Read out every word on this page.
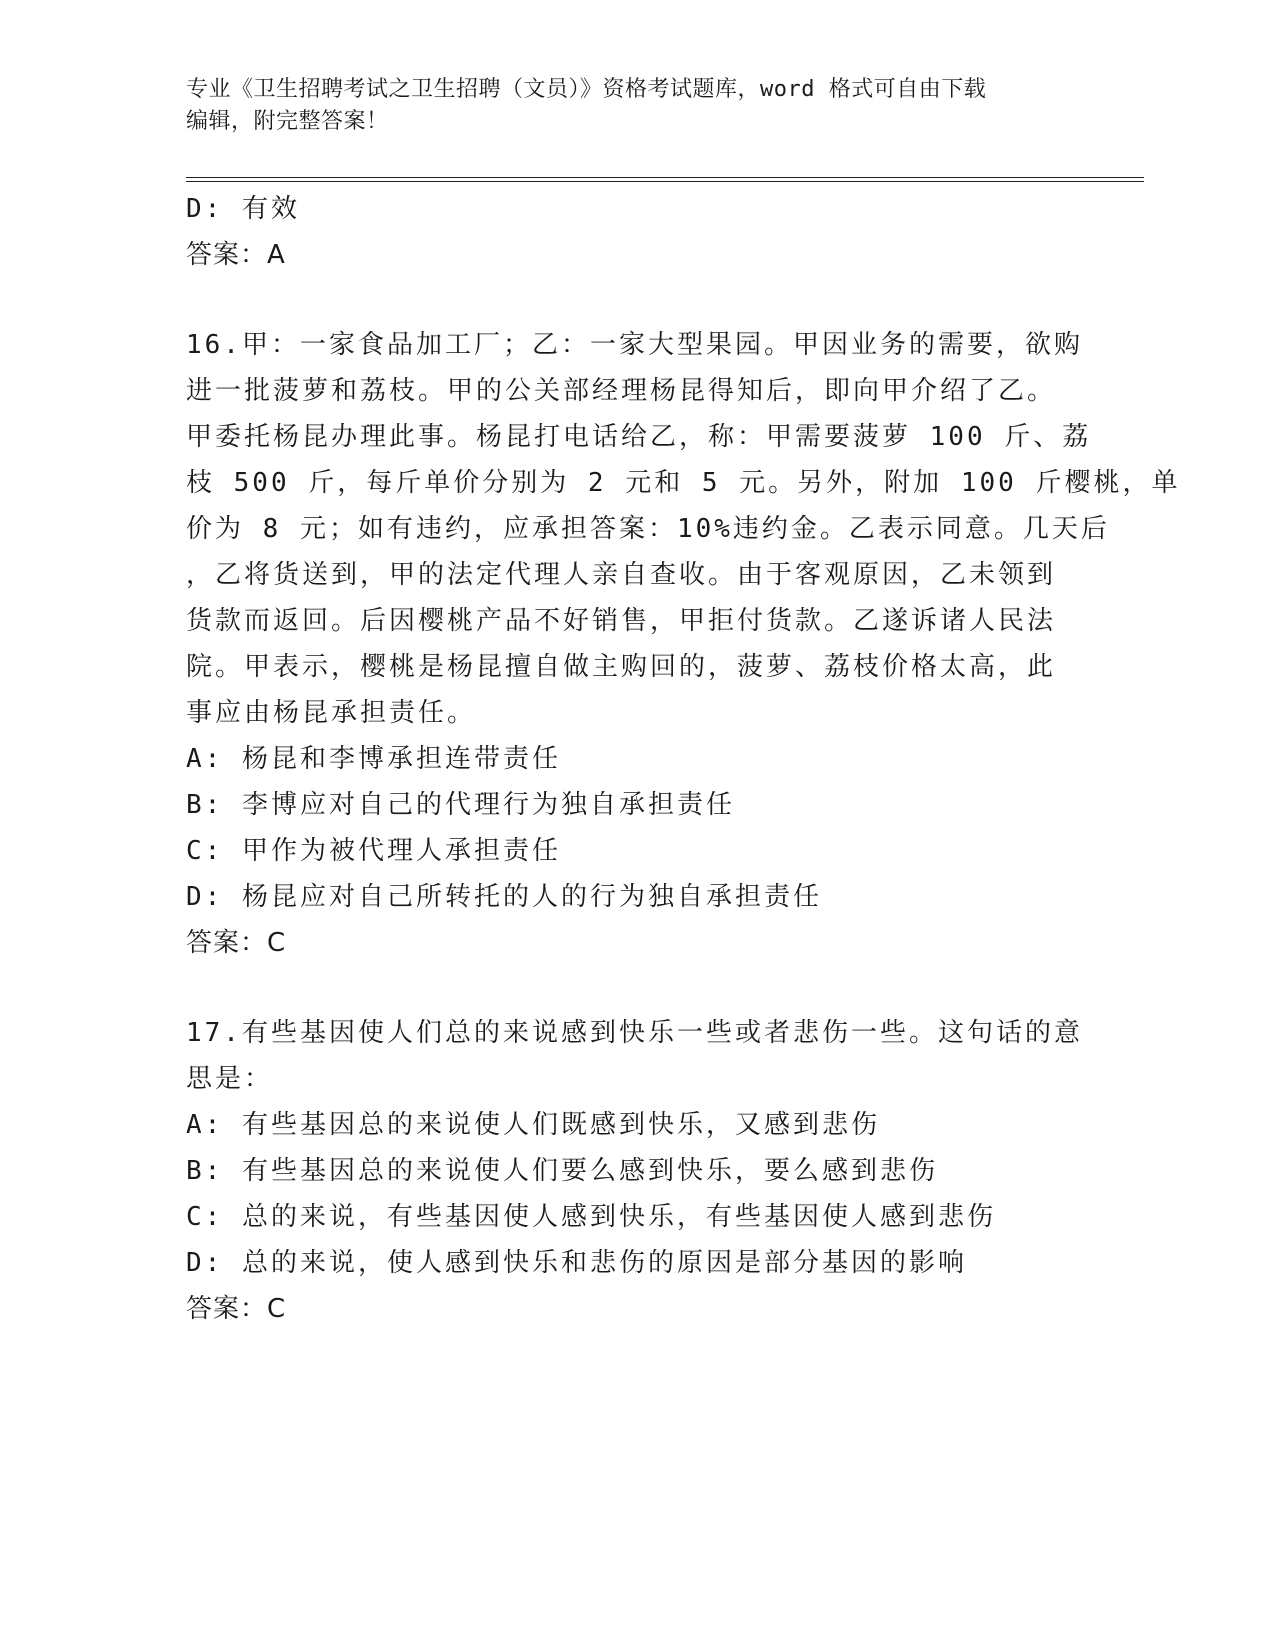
专业《卫生招聘考试之卫生招聘（文员）》资格考试题库，word 格式可自由下载
编辑，附完整答案！
D: 有效
答案：A
16.甲：一家食品加工厂；乙：一家大型果园。甲因业务的需要，欲购
进一批菠萝和荔枝。甲的公关部经理杨昆得知后，即向甲介绍了乙。
甲委托杨昆办理此事。杨昆打电话给乙，称：甲需要菠萝 100 斤、荔
枝 500 斤，每斤单价分别为 2 元和 5 元。另外，附加 100 斤樱桃，单
价为 8 元；如有违约，应承担答案：10%违约金。乙表示同意。几天后
，乙将货送到，甲的法定代理人亲自查收。由于客观原因，乙未领到
货款而返回。后因樱桃产品不好销售，甲拒付货款。乙遂诉诸人民法
院。甲表示，樱桃是杨昆擅自做主购回的，菠萝、荔枝价格太高，此
事应由杨昆承担责任。
A: 杨昆和李博承担连带责任
B: 李博应对自己的代理行为独自承担责任
C: 甲作为被代理人承担责任
D: 杨昆应对自己所转托的人的行为独自承担责任
答案：C
17.有些基因使人们总的来说感到快乐一些或者悲伤一些。这句话的意
思是：
A: 有些基因总的来说使人们既感到快乐，又感到悲伤
B: 有些基因总的来说使人们要么感到快乐，要么感到悲伤
C: 总的来说，有些基因使人感到快乐，有些基因使人感到悲伤
D: 总的来说，使人感到快乐和悲伤的原因是部分基因的影响
答案：C
